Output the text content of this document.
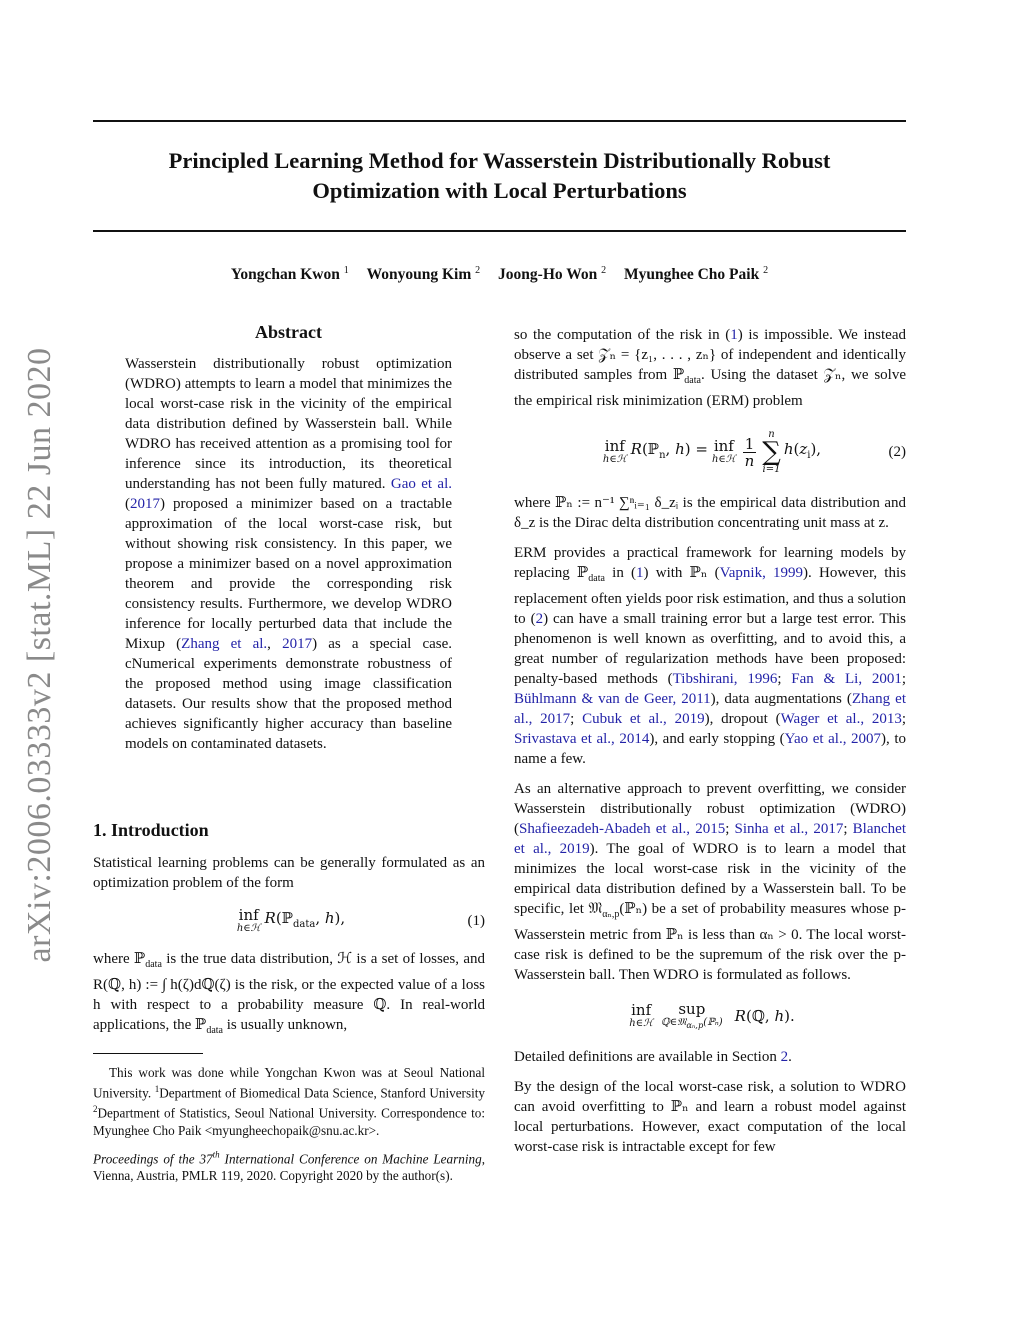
arXiv:2006.03333v2 [stat.ML] 22 Jun 2020
Principled Learning Method for Wasserstein Distributionally Robust
Optimization with Local Perturbations
Yongchan Kwon $^1$ Wonyoung Kim $^2$ Joong-Ho Won $^2$ Myunghee Cho Paik $^2$
Abstract

Wasserstein distributionally robust optimization (WDRO) attempts to learn a model that minimizes the local worst-case risk in the vicinity of the empirical data distribution defined by Wasserstein ball. While WDRO has received attention as a promising tool for inference since its introduction, its theoretical understanding has not been fully matured. Gao et al. (2017) proposed a minimizer based on a tractable approximation of the local worst-case risk, but without showing risk consistency. In this paper, we propose a minimizer based on a novel approximation theorem and provide the corresponding risk consistency results. Furthermore, we develop WDRO inference for locally perturbed data that include the Mixup (Zhang et al., 2017) as a special case. cNumerical experiments demonstrate robustness of the proposed method using image classification datasets. Our results show that the proposed method achieves significantly higher accuracy than baseline models on contaminated datasets.

1. Introduction

Statistical learning problems can be generally formulated as an optimization problem of the form

inf
h∈ℋ
R(ℙ$_{data}$, h),	(1)

where ℙ$_{data}$ is the true data distribution, ℋ is a set of losses, and R(ℚ, h) := ∫ h(ζ)dℚ(ζ) is the risk, or the expected value of a loss h with respect to a probability measure ℚ. In real-world applications, the ℙ$_{data}$ is usually unknown,

This work was done while Yongchan Kwon was at Seoul National University. $^1$Department of Biomedical Data Science, Stanford University $^2$Department of Statistics, Seoul National University. Correspondence to: Myunghee Cho Paik <myungheechopaik@snu.ac.kr>.

Proceedings of the 37th International Conference on Machine Learning, Vienna, Austria, PMLR 119, 2020. Copyright 2020 by the author(s).

so the computation of the risk in (1) is impossible. We instead observe a set 𝒵ₙ = {z₁, . . . , zₙ} of independent and identically distributed samples from ℙ$_{data}$. Using the dataset 𝒵ₙ, we solve the empirical risk minimization (ERM) problem

inf
h∈ℋ
R(ℙ$_n$, h) = inf
h∈ℋ $\frac{1}{n}$
n
∑
i=1
$h(z_i)$,	(2)

where ℙₙ := n⁻¹ ∑ⁿᵢ₌₁ δ_zᵢ is the empirical data distribution and δ_z is the Dirac delta distribution concentrating unit mass at z.

ERM provides a practical framework for learning models by replacing ℙ$_{data}$ in (1) with ℙₙ (Vapnik, 1999). However, this replacement often yields poor risk estimation, and thus a solution to (2) can have a small training error but a large test error. This phenomenon is well known as overfitting, and to avoid this, a great number of regularization methods have been proposed: penalty-based methods (Tibshirani, 1996; Fan & Li, 2001; Bühlmann & van de Geer, 2011), data augmentations (Zhang et al., 2017; Cubuk et al., 2019), dropout (Wager et al., 2013; Srivastava et al., 2014), and early stopping (Yao et al., 2007), to name a few.

As an alternative approach to prevent overfitting, we consider Wasserstein distributionally robust optimization (WDRO) (Shafieezadeh-Abadeh et al., 2015; Sinha et al., 2017; Blanchet et al., 2019). The goal of WDRO is to learn a model that minimizes the local worst-case risk in the vicinity of the empirical data distribution defined by a Wasserstein ball. To be specific, let 𝔐$_{\alpha_n,p}$(ℙₙ) be a set of probability measures whose p-Wasserstein metric from ℙₙ is less than αₙ > 0. The local worst-case risk is defined to be the supremum of the risk over the p-Wasserstein ball. Then WDRO is formulated as follows.

inf
h∈ℋ
sup
ℚ∈𝔐$_{\alpha_n,p}$(ℙₙ) R(ℚ, h).

Detailed definitions are available in Section 2.

By the design of the local worst-case risk, a solution to WDRO can avoid overfitting to ℙₙ and learn a robust model against local perturbations. However, exact computation of the local worst-case risk is intractable except for few
